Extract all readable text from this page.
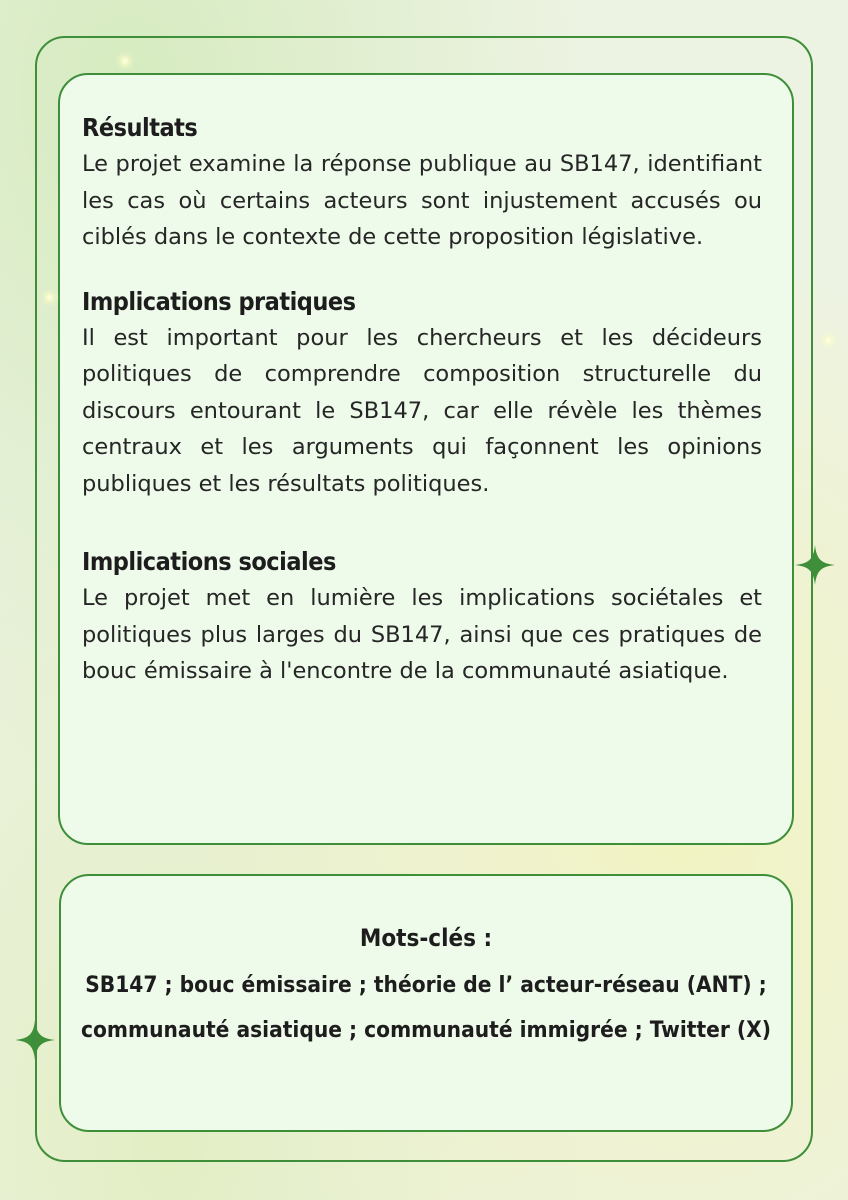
Résultats
Le projet examine la réponse publique au SB147, identifiant les cas où certains acteurs sont injustement accusés ou ciblés dans le contexte de cette proposition législative.
Implications pratiques
Il est important pour les chercheurs et les décideurs politiques de comprendre composition structurelle du discours entourant le SB147, car elle révèle les thèmes centraux et les arguments qui façonnent les opinions publiques et les résultats politiques.
Implications sociales
Le projet met en lumière les implications sociétales et politiques plus larges du SB147, ainsi que ces pratiques de bouc émissaire à l'encontre de la communauté asiatique.
Mots-clés :
SB147 ; bouc émissaire ; théorie de l’ acteur-réseau (ANT) ;
communauté asiatique ; communauté immigrée ; Twitter (X)
